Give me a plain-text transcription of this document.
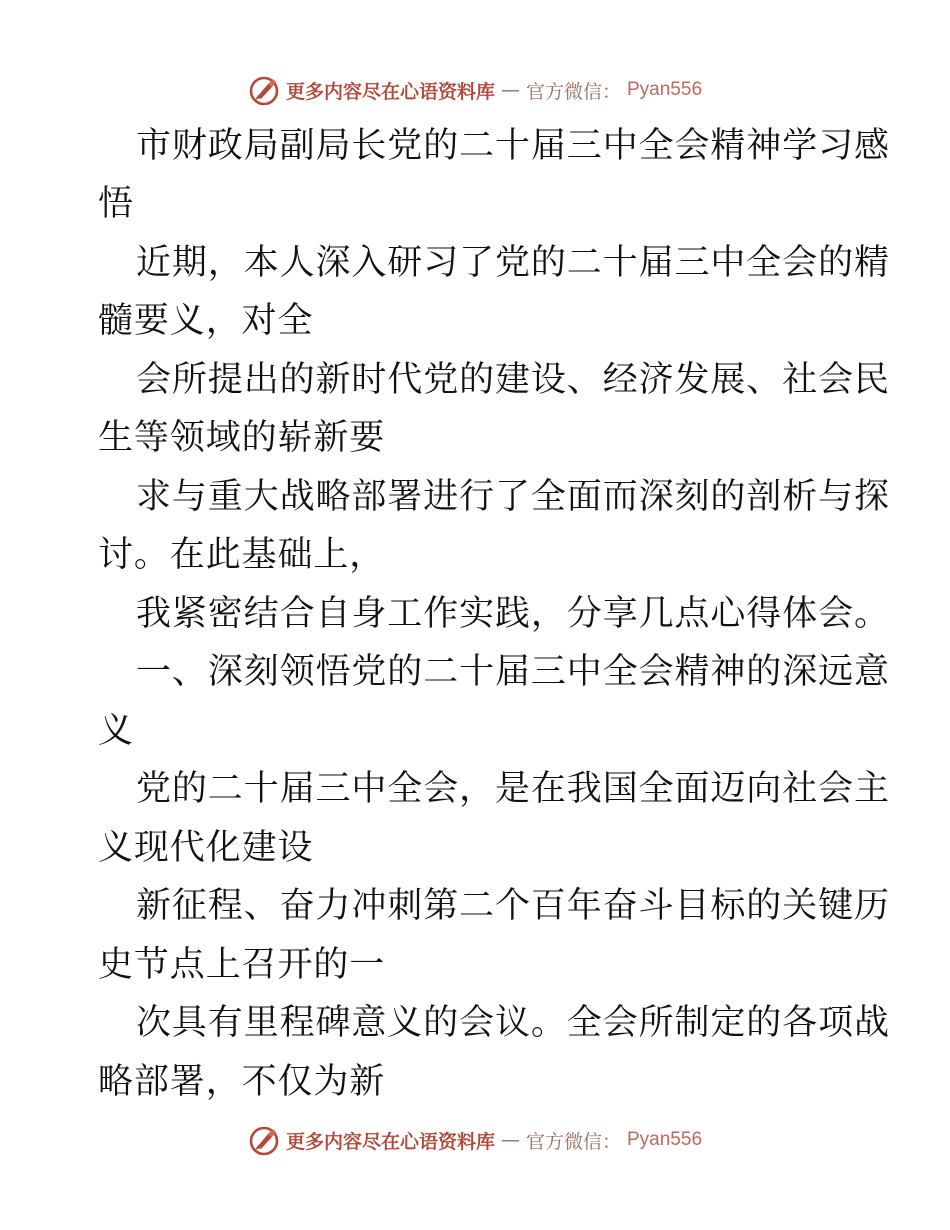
更多内容尽在心语资料库 — 官方微信： Pyan556
市财政局副局长党的二十届三中全会精神学习感
悟
近期，本人深入研习了党的二十届三中全会的精
髓要义，对全
会所提出的新时代党的建设、经济发展、社会民
生等领域的崭新要
求与重大战略部署进行了全面而深刻的剖析与探
讨。在此基础上，
我紧密结合自身工作实践，分享几点心得体会。
一、深刻领悟党的二十届三中全会精神的深远意
义
党的二十届三中全会，是在我国全面迈向社会主
义现代化建设
新征程、奋力冲刺第二个百年奋斗目标的关键历
史节点上召开的一
次具有里程碑意义的会议。全会所制定的各项战
略部署，不仅为新
更多内容尽在心语资料库 — 官方微信： Pyan556
